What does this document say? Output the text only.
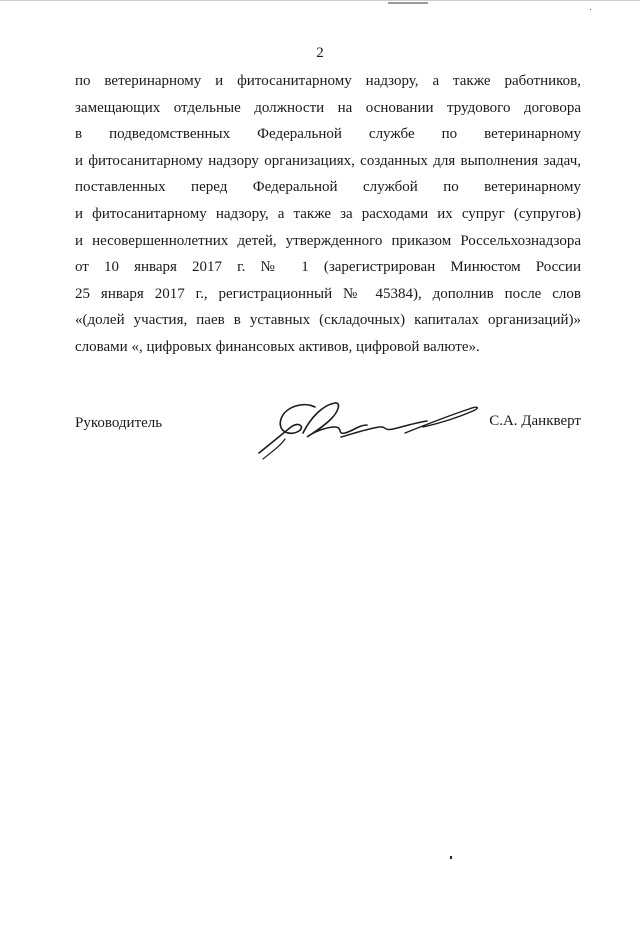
2
по ветеринарному и фитосанитарному надзору, а также работников,
замещающих отдельные должности на основании трудового договора
в подведомственных Федеральной службе по ветеринарному
и фитосанитарному надзору организациях, созданных для выполнения задач,
поставленных перед Федеральной службой по ветеринарному
и фитосанитарному надзору, а также за расходами их супруг (супругов)
и несовершеннолетних детей, утвержденного приказом Россельхознадзора
от 10 января 2017 г. № 1 (зарегистрирован Минюстом России
25 января 2017 г., регистрационный № 45384), дополнив после слов
«(долей участия, паев в уставных (складочных) капиталах организаций)»
словами «, цифровых финансовых активов, цифровой валюте».
Руководитель	С.А. Данкверт
